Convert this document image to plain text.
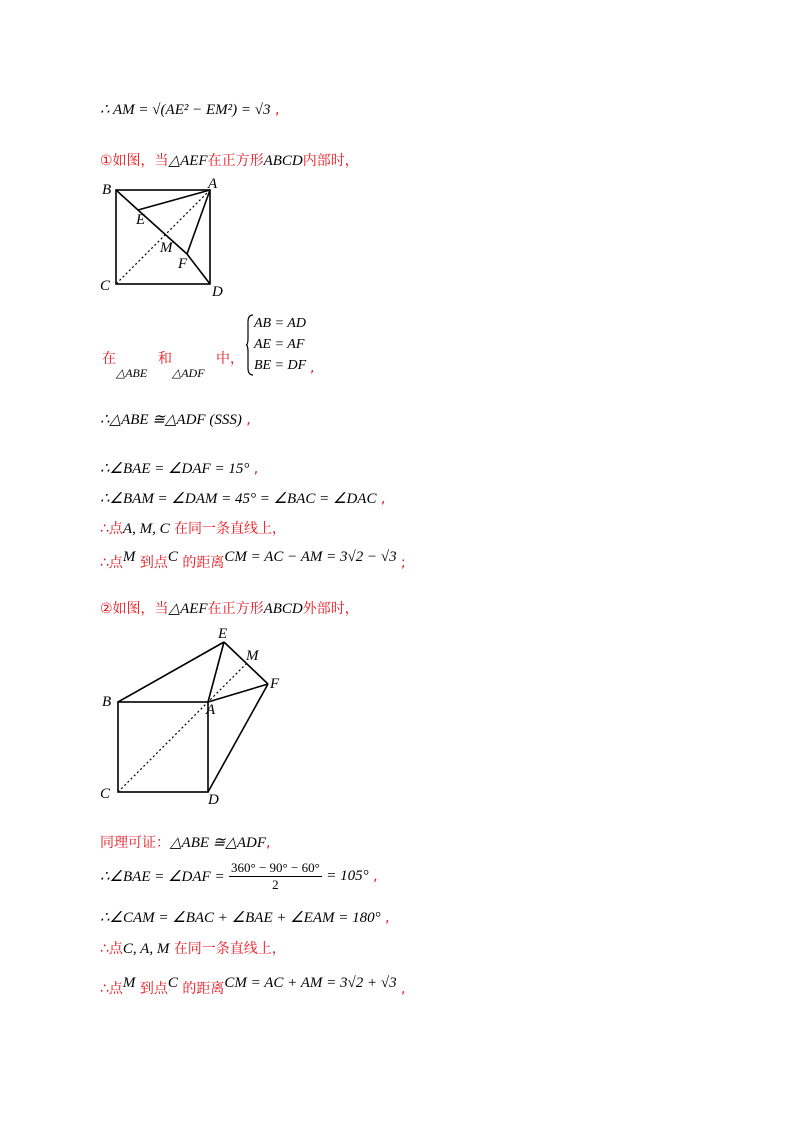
∴ AM = √(AE² − EM²) = √3 ,
①如图，当△AEF在正方形ABCD内部时，
B	A
E
M
F
C	D
在	和	中，
△ABE △ADF
AB = AD
AE = AF
BE = DF ,
∴△ABE ≅△ADF (SSS) ,
∴∠BAE = ∠DAF = 15° ,
∴∠BAM = ∠DAM = 45° = ∠BAC = ∠DAC ,
∴点A, M, C 在同一条直线上，
∴点M 到点C 的距离CM = AC − AM = 3√2 − √3 ;
②如图，当△AEF在正方形ABCD外部时，
E
M
F
B	A
C	D
同理可证：△ABE ≅△ADF,
∴∠BAE = ∠DAF = $\frac{360^\circ - 90^\circ - 60^\circ}{2} = 105^\circ$ ,
∴∠CAM = ∠BAC + ∠BAE + ∠EAM = 180° ,
∴点C, A, M 在同一条直线上，
∴点M 到点C 的距离CM = AC + AM = 3√2 + √3 ,
